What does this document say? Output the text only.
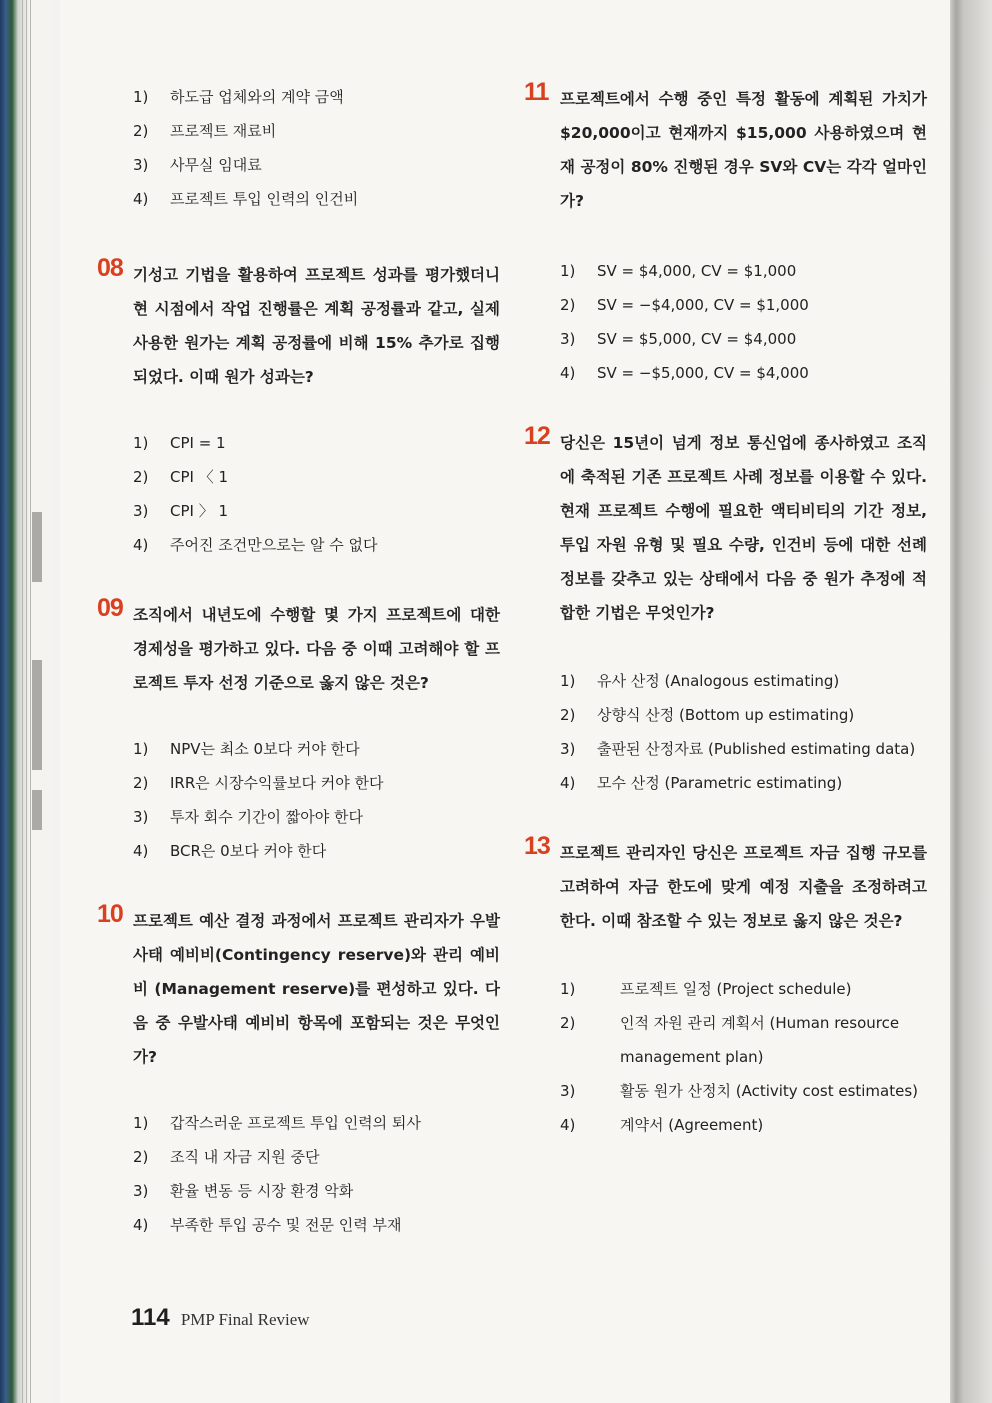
1) 하도급 업체와의 계약 금액
2) 프로젝트 재료비
3) 사무실 임대료
4) 프로젝트 투입 인력의 인건비
08 기성고 기법을 활용하여 프로젝트 성과를 평가했더니 현 시점에서 작업 진행률은 계획 공정률과 같고, 실제 사용한 원가는 계획 공정률에 비해 15% 추가로 집행되었다. 이때 원가 성과는?

1) CPI = 1
2) CPI 〈 1
3) CPI 〉 1
4) 주어진 조건만으로는 알 수 없다
09 조직에서 내년도에 수행할 몇 가지 프로젝트에 대한 경제성을 평가하고 있다. 다음 중 이때 고려해야 할 프로젝트 투자 선정 기준으로 옳지 않은 것은?

1) NPV는 최소 0보다 커야 한다
2) IRR은 시장수익률보다 커야 한다
3) 투자 회수 기간이 짧아야 한다
4) BCR은 0보다 커야 한다
10 프로젝트 예산 결정 과정에서 프로젝트 관리자가 우발사태 예비비(Contingency reserve)와 관리 예비비 (Management reserve)를 편성하고 있다. 다음 중 우발사태 예비비 항목에 포함되는 것은 무엇인가?

1) 갑작스러운 프로젝트 투입 인력의 퇴사
2) 조직 내 자금 지원 중단
3) 환율 변동 등 시장 환경 악화
4) 부족한 투입 공수 및 전문 인력 부재
11 프로젝트에서 수행 중인 특정 활동에 계획된 가치가 $20,000이고 현재까지 $15,000 사용하였으며 현재 공정이 80% 진행된 경우 SV와 CV는 각각 얼마인가?

1) SV = $4,000, CV = $1,000
2) SV = −$4,000, CV = $1,000
3) SV = $5,000, CV = $4,000
4) SV = −$5,000, CV = $4,000
12 당신은 15년이 넘게 정보 통신업에 종사하였고 조직에 축적된 기존 프로젝트 사례 정보를 이용할 수 있다. 현재 프로젝트 수행에 필요한 액티비티의 기간 정보, 투입 자원 유형 및 필요 수량, 인건비 등에 대한 선례 정보를 갖추고 있는 상태에서 다음 중 원가 추정에 적합한 기법은 무엇인가?

1) 유사 산정 (Analogous estimating)
2) 상향식 산정 (Bottom up estimating)
3) 출판된 산정자료 (Published estimating data)
4) 모수 산정 (Parametric estimating)
13 프로젝트 관리자인 당신은 프로젝트 자금 집행 규모를 고려하여 자금 한도에 맞게 예정 지출을 조정하려고 한다. 이때 참조할 수 있는 정보로 옳지 않은 것은?

1)	프로젝트 일정 (Project schedule)
2)	인적 자원 관리 계획서 (Human resource management plan)
3)	활동 원가 산정치 (Activity cost estimates)
4)	계약서 (Agreement)
114 PMP Final Review
